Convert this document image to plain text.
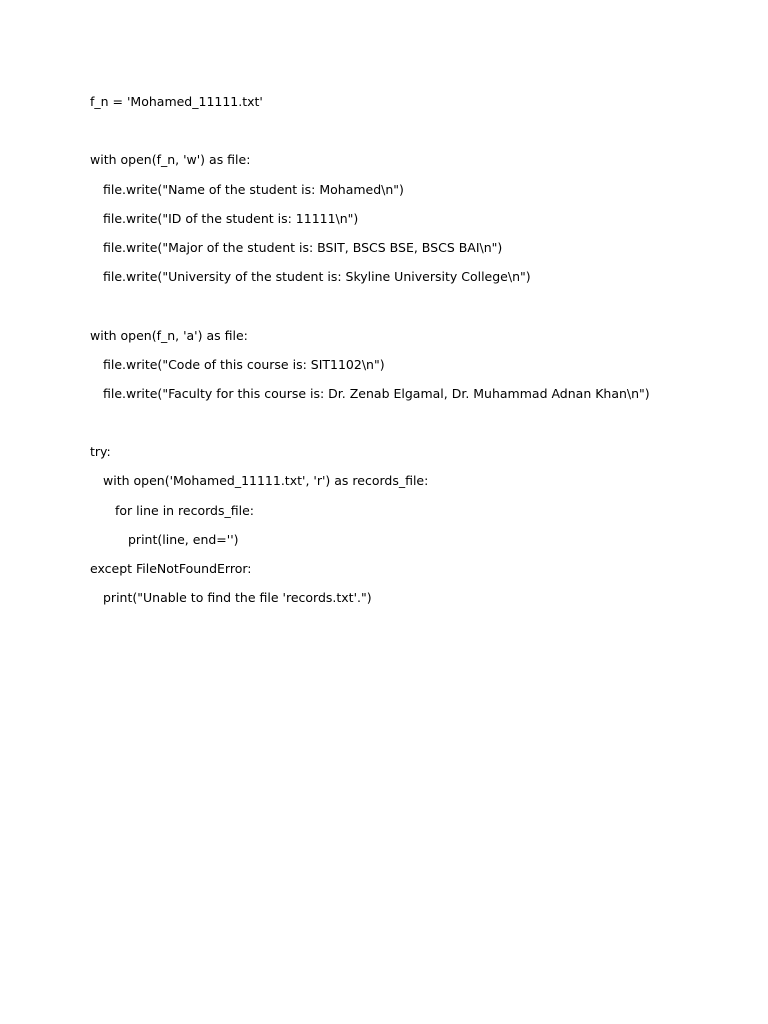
f_n = 'Mohamed_11111.txt'
with open(f_n, 'w') as file:
file.write("Name of the student is: Mohamed\n")
file.write("ID of the student is: 11111\n")
file.write("Major of the student is: BSIT, BSCS BSE, BSCS BAI\n")
file.write("University of the student is: Skyline University College\n")
with open(f_n, 'a') as file:
file.write("Code of this course is: SIT1102\n")
file.write("Faculty for this course is: Dr. Zenab Elgamal, Dr. Muhammad Adnan Khan\n")
try:
with open('Mohamed_11111.txt', 'r') as records_file:
for line in records_file:
print(line, end='')
except FileNotFoundError:
print("Unable to find the file 'records.txt'.")
